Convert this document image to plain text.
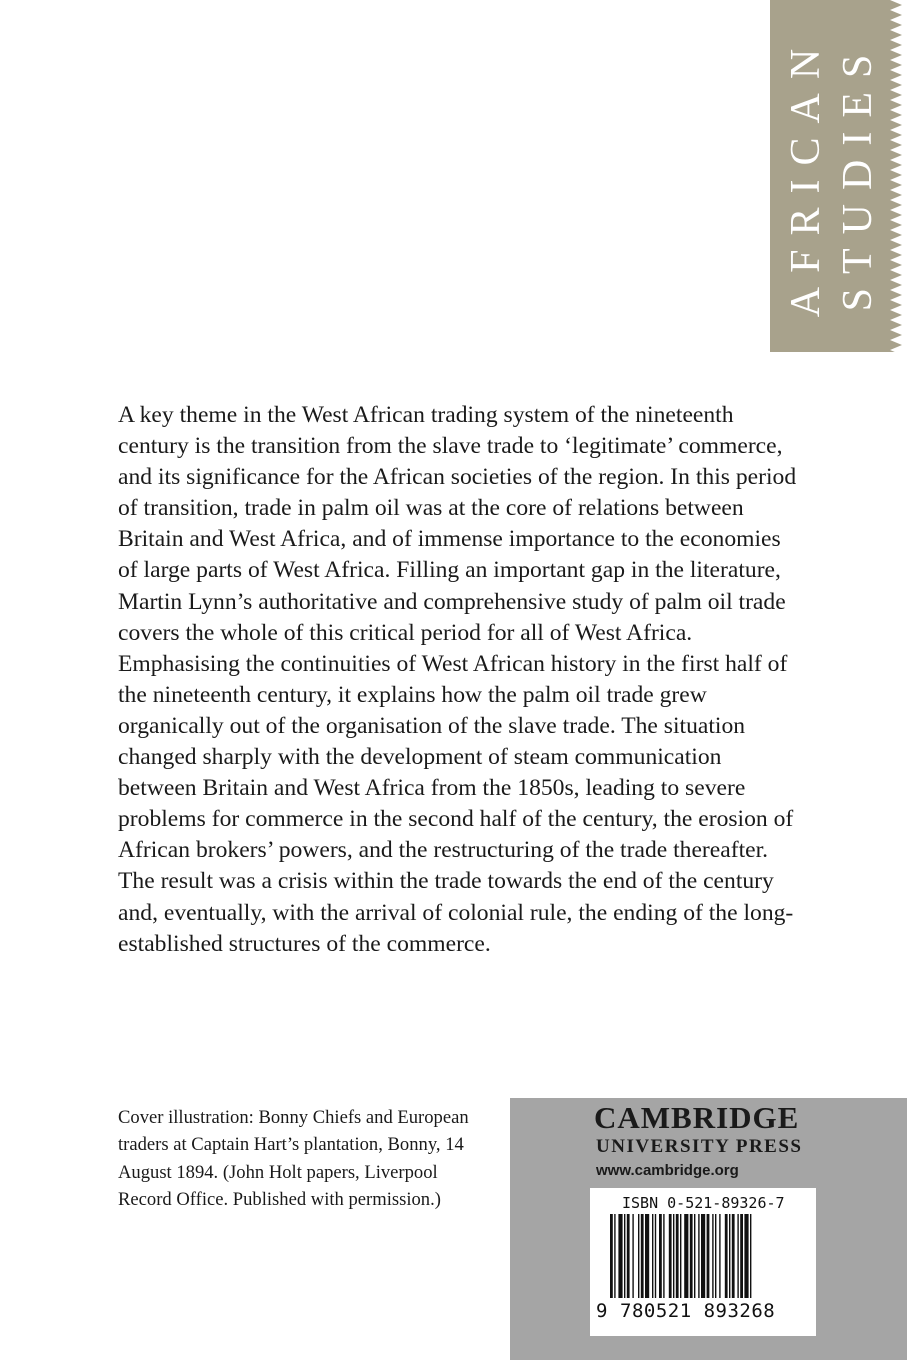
AFRICAN STUDIES

A key theme in the West African trading system of the nineteenth century is the transition from the slave trade to ‘legitimate’ commerce, and its significance for the African societies of the region. In this period of transition, trade in palm oil was at the core of relations between Britain and West Africa, and of immense importance to the economies of large parts of West Africa. Filling an important gap in the literature, Martin Lynn’s authoritative and comprehensive study of palm oil trade covers the whole of this critical period for all of West Africa. Emphasising the continuities of West African history in the first half of the nineteenth century, it explains how the palm oil trade grew organically out of the organisation of the slave trade. The situation changed sharply with the development of steam communication between Britain and West Africa from the 1850s, leading to severe problems for commerce in the second half of the century, the erosion of African brokers’ powers, and the restructuring of the trade thereafter. The result was a crisis within the trade towards the end of the century and, eventually, with the arrival of colonial rule, the ending of the long-established structures of the commerce.

Cover illustration: Bonny Chiefs and European traders at Captain Hart’s plantation, Bonny, 14 August 1894. (John Holt papers, Liverpool Record Office. Published with permission.)

CAMBRIDGE
UNIVERSITY PRESS
www.cambridge.org
ISBN 0-521-89326-7
9 780521 893268
